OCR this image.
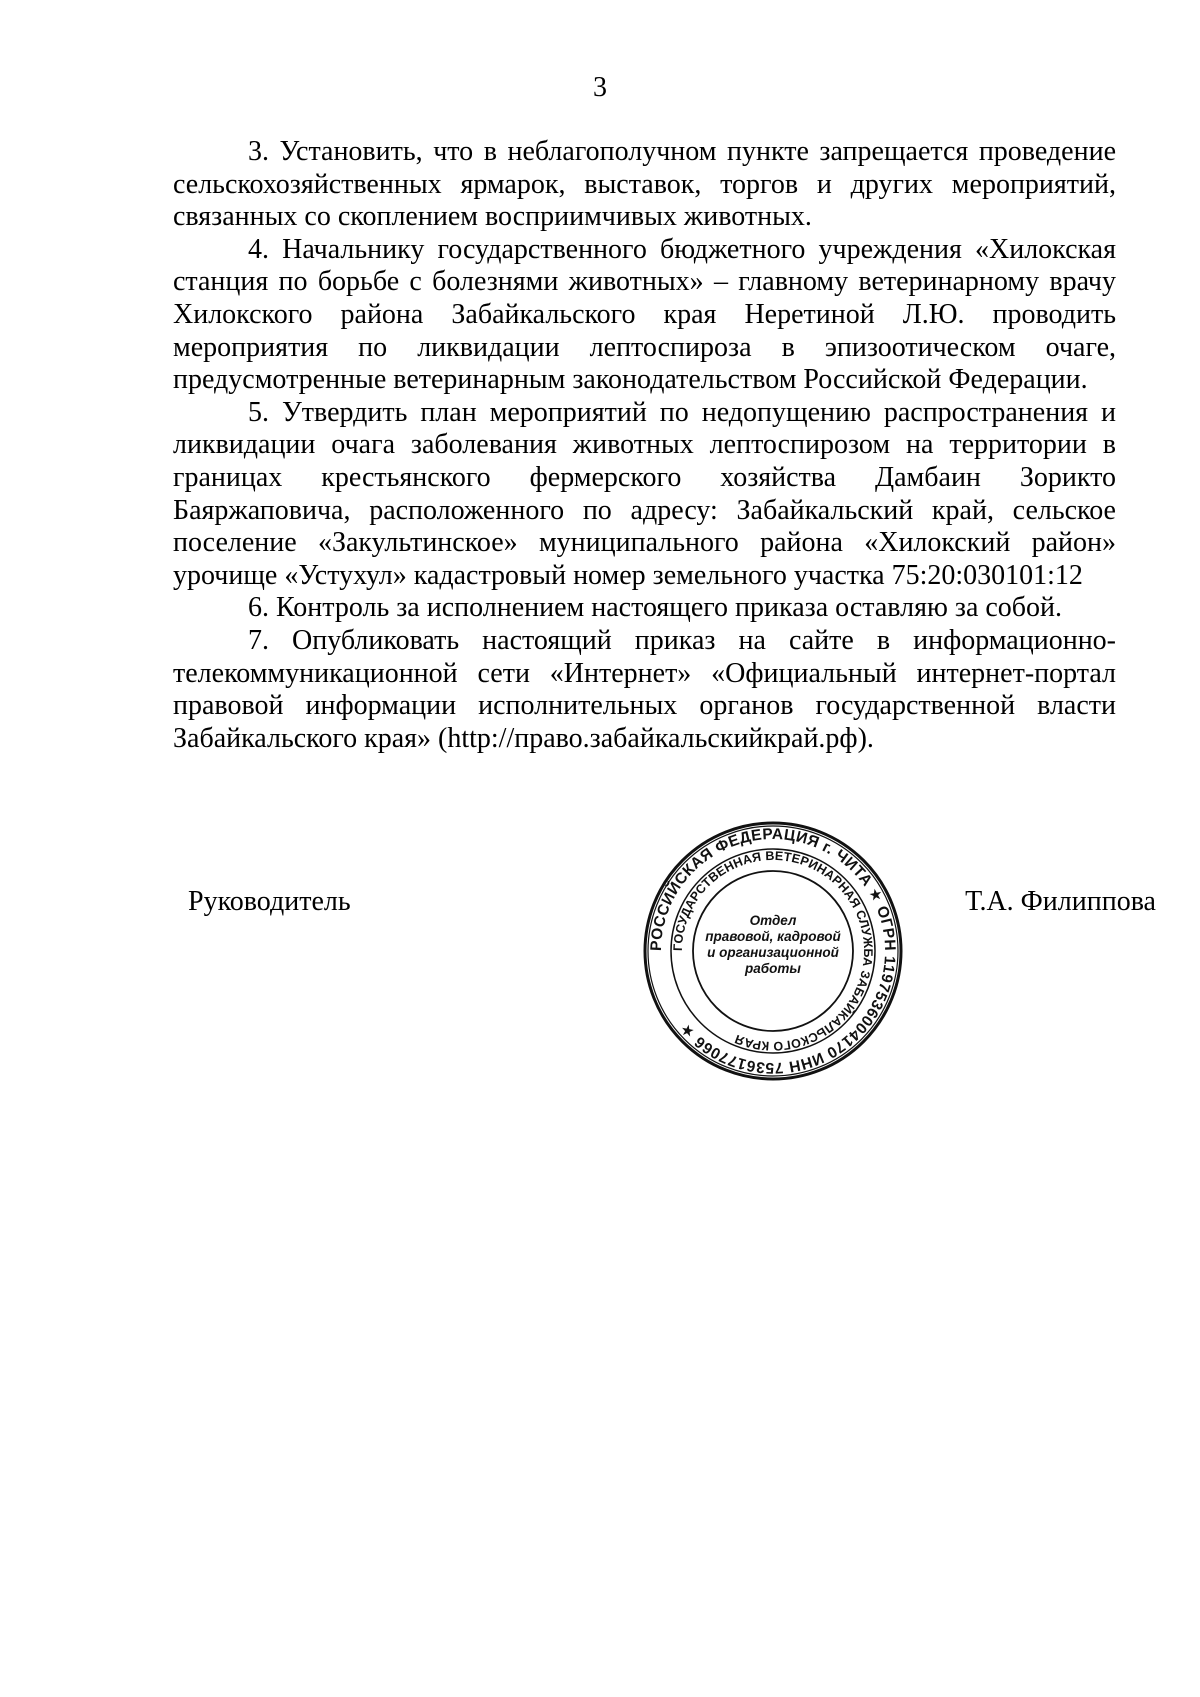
3

3. Установить, что в неблагополучном пункте запрещается проведение сельскохозяйственных ярмарок, выставок, торгов и других мероприятий, связанных со скоплением восприимчивых животных.

4. Начальнику государственного бюджетного учреждения «Хилокская станция по борьбе с болезнями животных» – главному ветеринарному врачу Хилокского района Забайкальского края Неретиной Л.Ю. проводить мероприятия по ликвидации лептоспироза в эпизоотическом очаге, предусмотренные ветеринарным законодательством Российской Федерации.

5. Утвердить план мероприятий по недопущению распространения и ликвидации очага заболевания животных лептоспирозом на территории в границах крестьянского фермерского хозяйства Дамбаин Зорикто Баяржаповича, расположенного по адресу: Забайкальский край, сельское поселение «Закультинское» муниципального района «Хилокский район» урочище «Устухул» кадастровый номер земельного участка 75:20:030101:12

6. Контроль за исполнением настоящего приказа оставляю за собой.

7. Опубликовать настоящий приказ на сайте в информационно-телекоммуникационной сети «Интернет» «Официальный интернет-портал правовой информации исполнительных органов государственной власти Забайкальского края» (http://право.забайкальскийкрай.рф).

Руководитель	Т.А. Филиппова
РОССИЙСКАЯ ФЕДЕРАЦИЯ г. ЧИТА ★ ОГРН 1197536004170 ИНН 7536177066 ★
ГОСУДАРСТВЕННАЯ ВЕТЕРИНАРНАЯ СЛУЖБА ЗАБАЙКАЛЬСКОГО КРАЯ
Отдел
правовой, кадровой
и организационной
работы
